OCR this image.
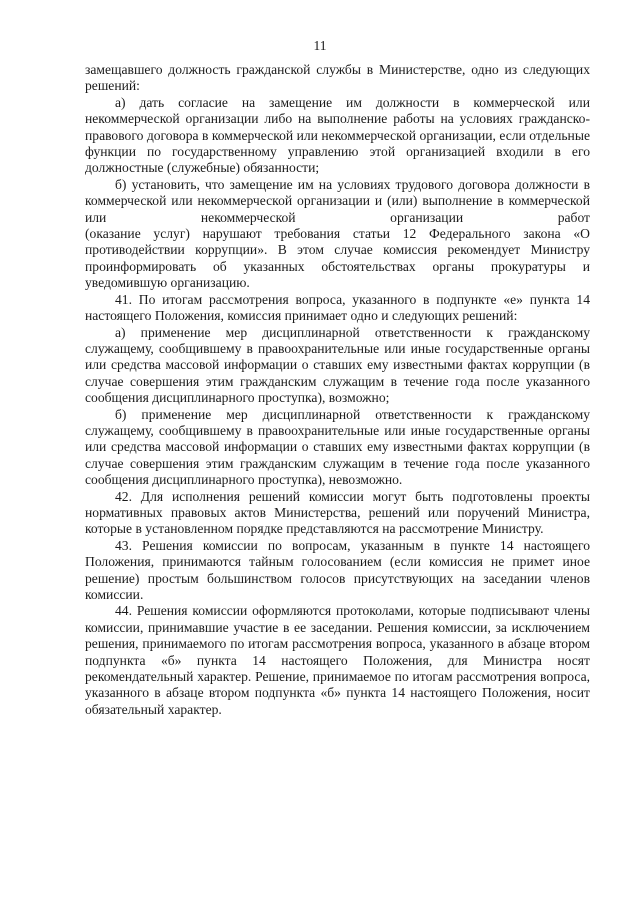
11

замещавшего должность гражданской службы в Министерстве, одно из следующих решений:

а) дать согласие на замещение им должности в коммерческой или некоммерческой организации либо на выполнение работы на условиях гражданско-правового договора в коммерческой или некоммерческой организации, если отдельные функции по государственному управлению этой организацией входили в его должностные (служебные) обязанности;

б) установить, что замещение им на условиях трудового договора должности в коммерческой или некоммерческой организации и (или) выполнение в коммерческой или некоммерческой организации работ

(оказание услуг) нарушают требования статьи 12 Федерального закона «О противодействии коррупции». В этом случае комиссия рекомендует Министру проинформировать об указанных обстоятельствах органы прокуратуры и уведомившую организацию.

41. По итогам рассмотрения вопроса, указанного в подпункте «е» пункта 14 настоящего Положения, комиссия принимает одно и следующих решений:

а) применение мер дисциплинарной ответственности к гражданскому служащему, сообщившему в правоохранительные или иные государственные органы или средства массовой информации о ставших ему известными фактах коррупции (в случае совершения этим гражданским служащим в течение года после указанного сообщения дисциплинарного проступка), возможно;

б) применение мер дисциплинарной ответственности к гражданскому служащему, сообщившему в правоохранительные или иные государственные органы или средства массовой информации о ставших ему известными фактах коррупции (в случае совершения этим гражданским служащим в течение года после указанного сообщения дисциплинарного проступка), невозможно.

42. Для исполнения решений комиссии могут быть подготовлены проекты нормативных правовых актов Министерства, решений или поручений Министра, которые в установленном порядке представляются на рассмотрение Министру.

43. Решения комиссии по вопросам, указанным в пункте 14 настоящего Положения, принимаются тайным голосованием (если комиссия не примет иное решение) простым большинством голосов присутствующих на заседании членов комиссии.

44. Решения комиссии оформляются протоколами, которые подписывают члены комиссии, принимавшие участие в ее заседании. Решения комиссии, за исключением решения, принимаемого по итогам рассмотрения вопроса, указанного в абзаце втором подпункта «б» пункта 14 настоящего Положения, для Министра носят рекомендательный характер. Решение, принимаемое по итогам рассмотрения вопроса, указанного в абзаце втором подпункта «б» пункта 14 настоящего Положения, носит обязательный характер.
